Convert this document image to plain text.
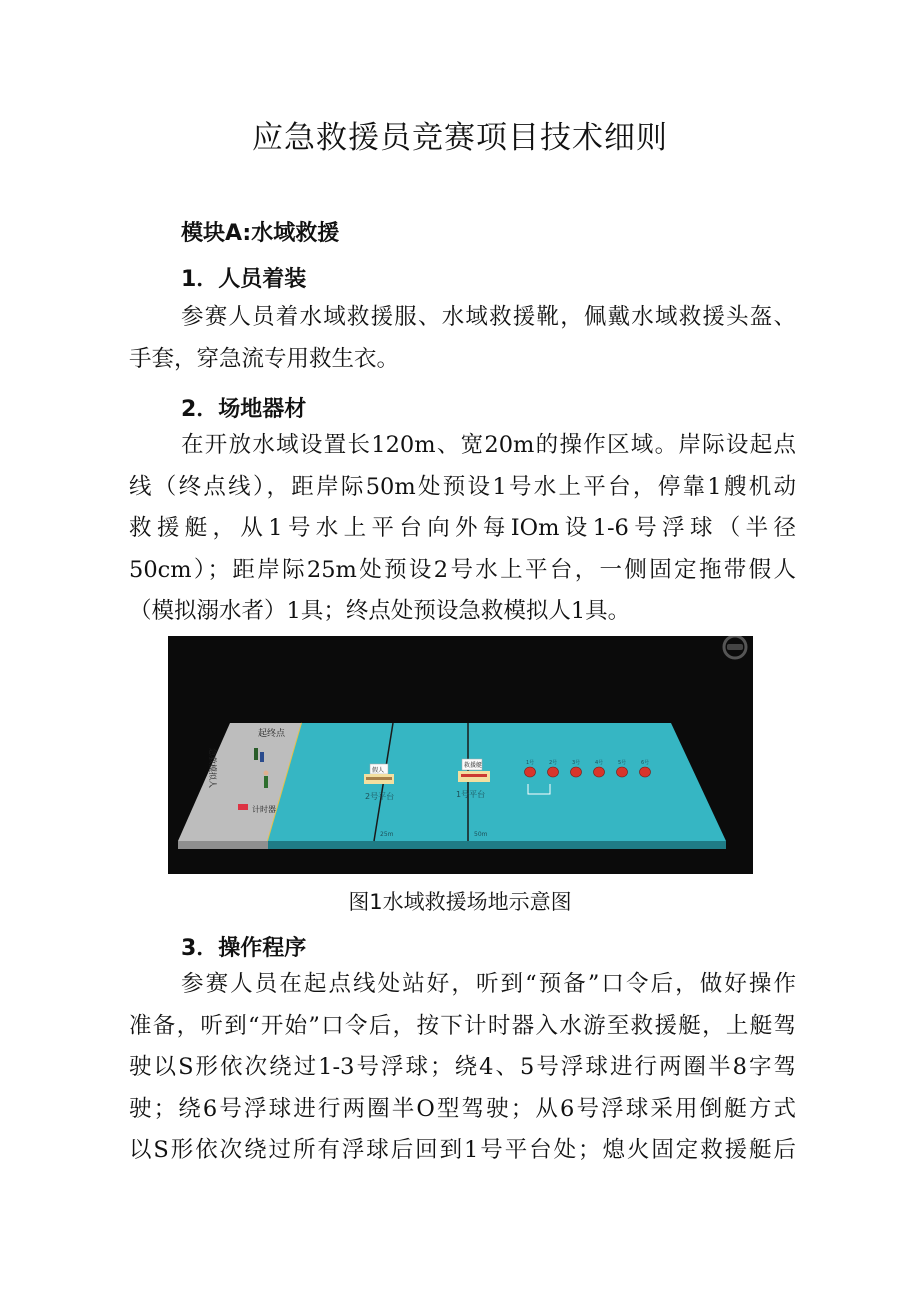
应急救援员竞赛项目技术细则
模块A:水域救援
1．人员着装

参赛人员着水域救援服、水域救援靴，佩戴水域救援头盔、
手套，穿急流专用救生衣。

2．场地器材

在开放水域设置长120m、宽20m的操作区域。岸际设起点
线（终点线），距岸际50m处预设1号水上平台，停靠1艘机动
救援艇，从1号水上平台向外每IOm设1-6号浮球（半径
50cm）；距岸际25m处预设2号水上平台，一侧固定拖带假人
（模拟溺水者）1具；终点处预设急救模拟人1具。

起终点
急救模拟人
计时器
假人
2号平台
救援艇
1号平台
1号	2号	3号	4号	5号	6号
25m	50m

图1水域救援场地示意图

3．操作程序

参赛人员在起点线处站好，听到“预备”口令后，做好操作
准备，听到“开始”口令后，按下计时器入水游至救援艇，上艇驾
驶以S形依次绕过1-3号浮球；绕4、5号浮球进行两圈半8字驾
驶；绕6号浮球进行两圈半O型驾驶；从6号浮球采用倒艇方式
以S形依次绕过所有浮球后回到1号平台处；熄火固定救援艇后
